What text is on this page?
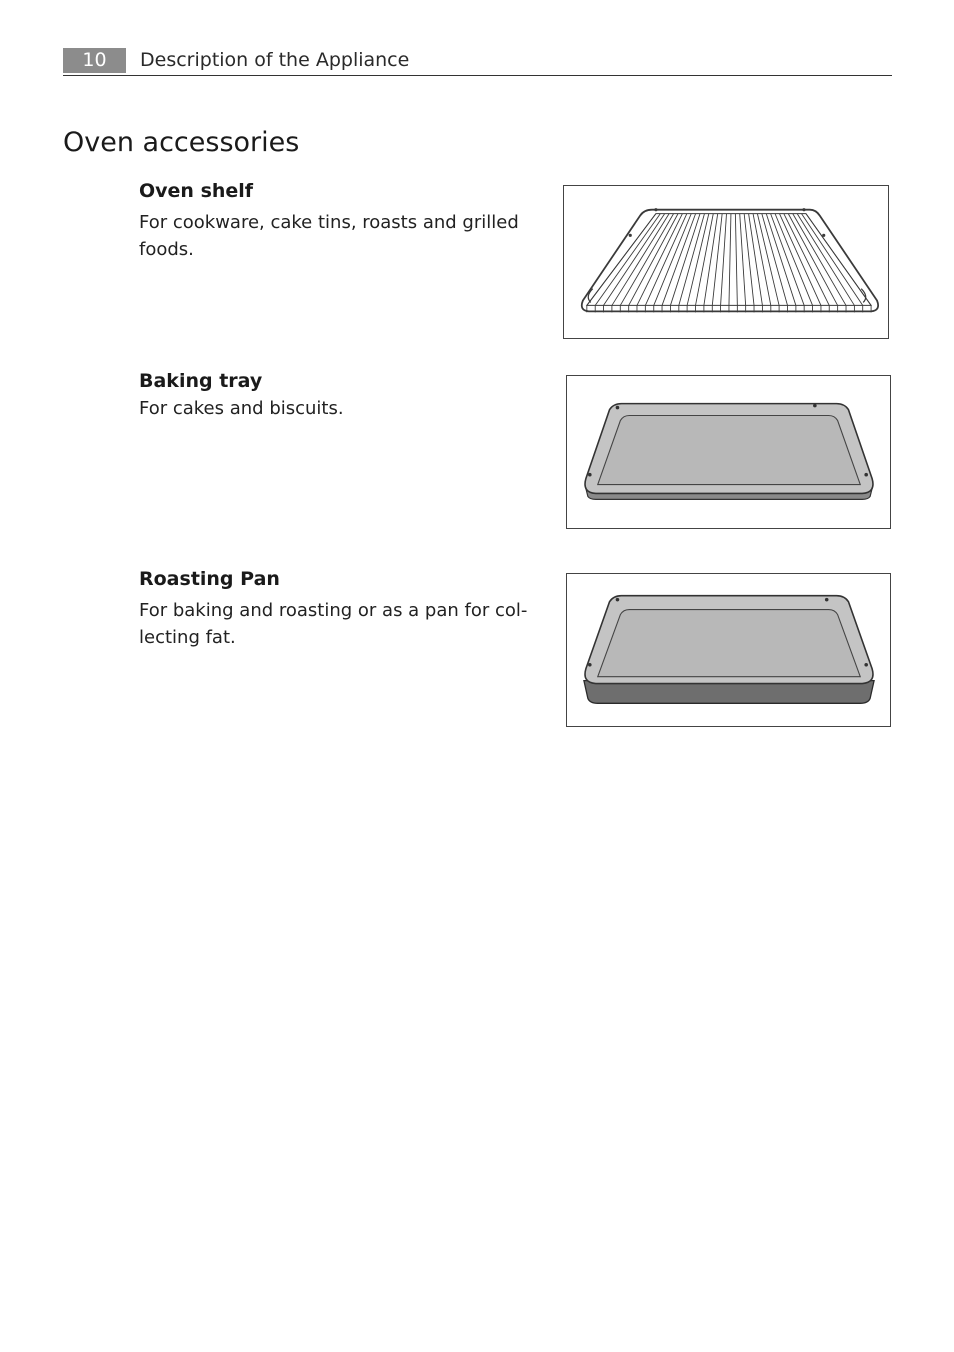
10	Description of the Appliance
Oven accessories
Oven shelf

For cookware, cake tins, roasts and grilled foods.

Baking tray

For cakes and biscuits.

Roasting Pan

For baking and roasting or as a pan for collecting fat.
